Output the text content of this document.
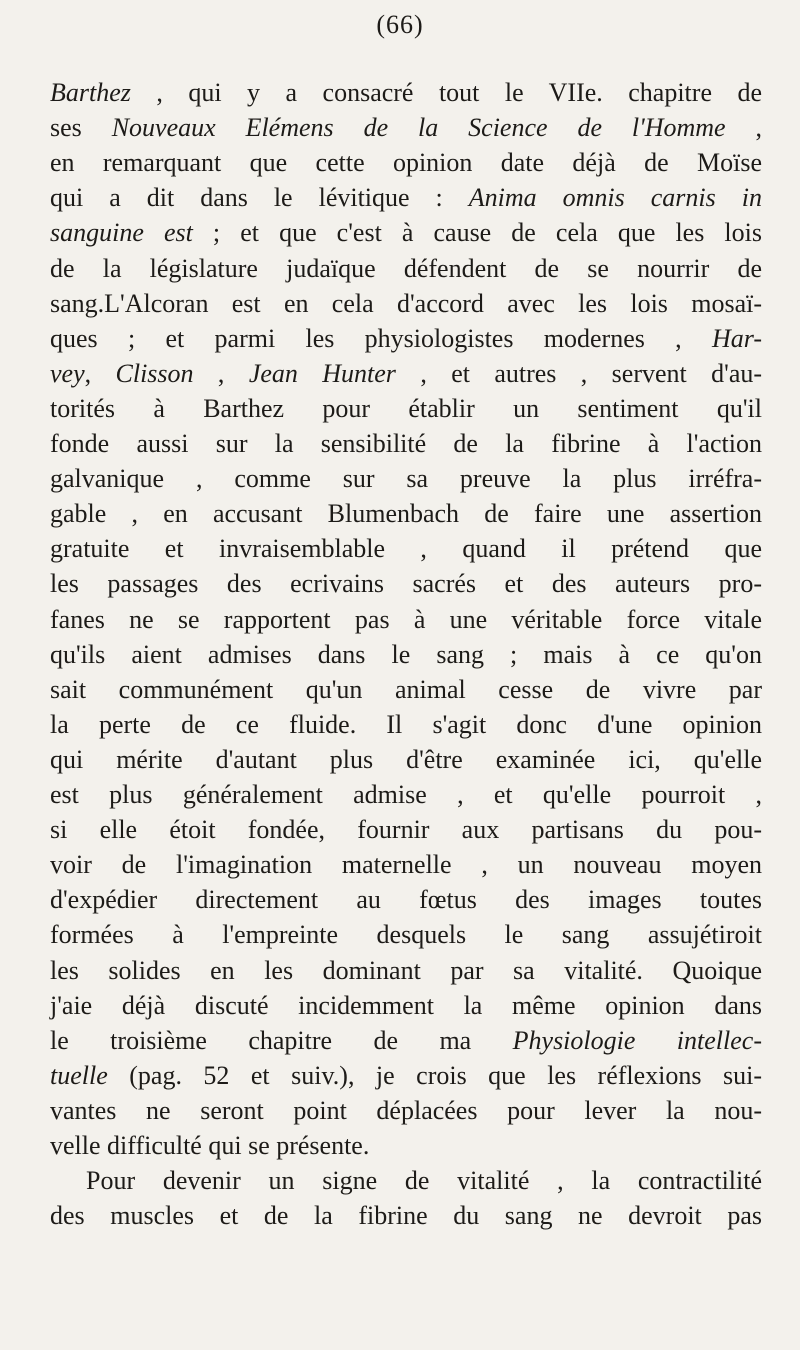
(66)
Barthez , qui y a consacré tout le VIIe. chapitre de
ses Nouveaux Elémens de la Science de l'Homme ,
en remarquant que cette opinion date déjà de Moïse
qui a dit dans le lévitique : Anima omnis carnis in
sanguine est ; et que c'est à cause de cela que les lois
de la législature judaïque défendent de se nourrir de
sang.L'Alcoran est en cela d'accord avec les lois mosaï-
ques ; et parmi les physiologistes modernes , Har-
vey, Clisson , Jean Hunter , et autres , servent d'au-
torités à Barthez pour établir un sentiment qu'il
fonde aussi sur la sensibilité de la fibrine à l'action
galvanique , comme sur sa preuve la plus irréfra-
gable , en accusant Blumenbach de faire une assertion
gratuite et invraisemblable , quand il prétend que
les passages des ecrivains sacrés et des auteurs pro-
fanes ne se rapportent pas à une véritable force vitale
qu'ils aient admises dans le sang ; mais à ce qu'on
sait communément qu'un animal cesse de vivre par
la perte de ce fluide. Il s'agit donc d'une opinion
qui mérite d'autant plus d'être examinée ici, qu'elle
est plus généralement admise , et qu'elle pourroit ,
si elle étoit fondée, fournir aux partisans du pou-
voir de l'imagination maternelle , un nouveau moyen
d'expédier directement au fœtus des images toutes
formées à l'empreinte desquels le sang assujétiroit
les solides en les dominant par sa vitalité. Quoique
j'aie déjà discuté incidemment la même opinion dans
le troisième chapitre de ma Physiologie intellec-
tuelle (pag. 52 et suiv.), je crois que les réflexions sui-
vantes ne seront point déplacées pour lever la nou-
velle difficulté qui se présente.
Pour devenir un signe de vitalité , la contractilité
des muscles et de la fibrine du sang ne devroit pas
